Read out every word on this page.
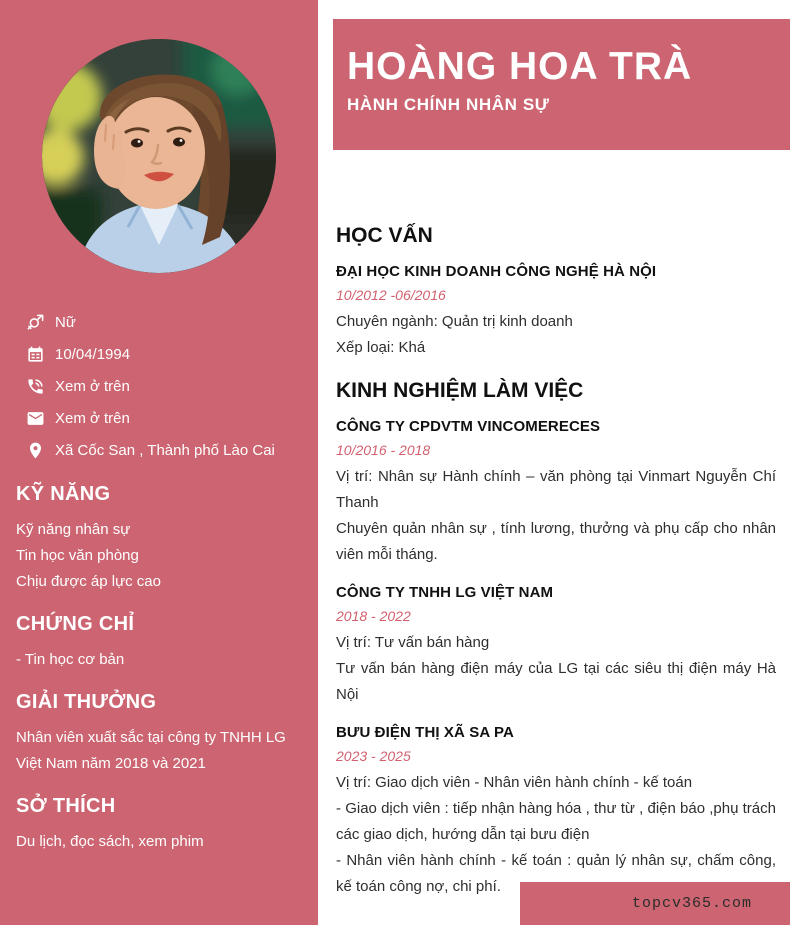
Nữ
10/04/1994
Xem ở trên
Xem ở trên
Xã Cốc San , Thành phố Lào Cai
KỸ NĂNG

Kỹ năng nhân sự

Tin học văn phòng

Chịu được áp lực cao

CHỨNG CHỈ

- Tin học cơ bản

GIẢI THƯỞNG

Nhân viên xuất sắc tại công ty TNHH LG Việt Nam năm 2018 và 2021

SỞ THÍCH

Du lịch, đọc sách, xem phim

HOÀNG HOA TRÀ
HÀNH CHÍNH NHÂN SỰ
HỌC VẤN
ĐẠI HỌC KINH DOANH CÔNG NGHỆ HÀ NỘI
10/2012 -06/2016

Chuyên ngành: Quản trị kinh doanh

Xếp loại: Khá

KINH NGHIỆM LÀM VIỆC
CÔNG TY CPDVTM VINCOMERECES
10/2016 - 2018

Vị trí: Nhân sự Hành chính – văn phòng tại Vinmart Nguyễn Chí Thanh

Chuyên quản nhân sự , tính lương, thưởng và phụ cấp cho nhân viên mỗi tháng.

CÔNG TY TNHH LG VIỆT NAM
2018 - 2022

Vị trí: Tư vấn bán hàng

Tư vấn bán hàng điện máy của LG tại các siêu thị điện máy Hà Nội

BƯU ĐIỆN THỊ XÃ SA PA
2023 - 2025

Vị trí: Giao dịch viên - Nhân viên hành chính - kế toán

- Giao dịch viên : tiếp nhận hàng hóa , thư từ , điện báo ,phụ trách các giao dịch, hướng dẫn tại bưu điện

- Nhân viên hành chính - kế toán : quản lý nhân sự, chấm công, kế toán công nợ, chi phí.

topcv365.com
